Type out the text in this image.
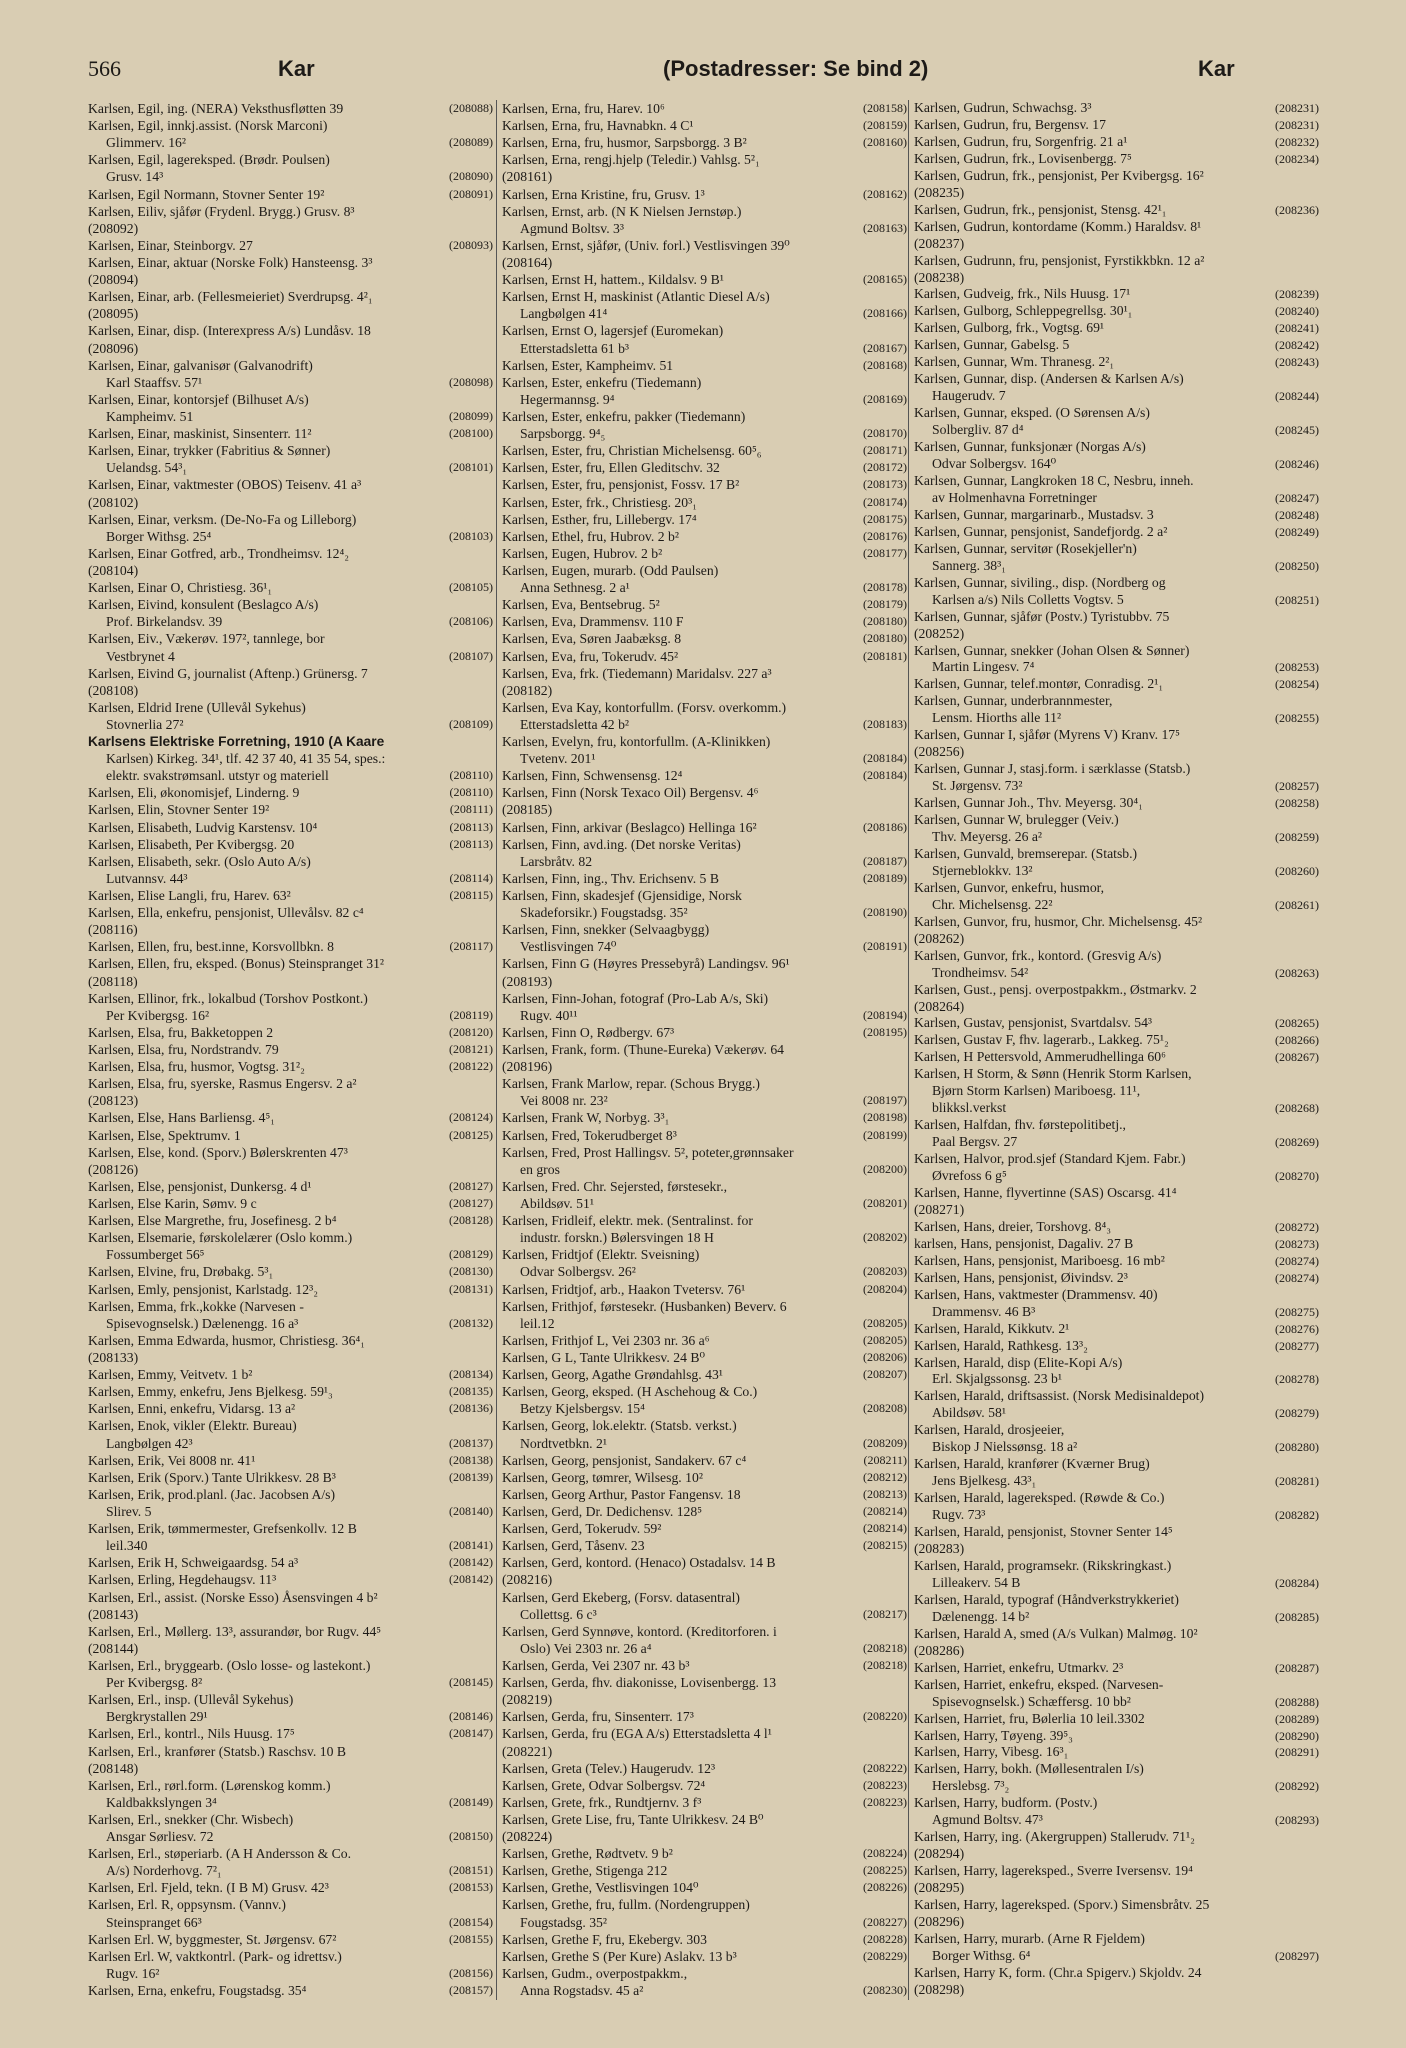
566	Kar	(Postadresser: Se bind 2)	Kar
Karlsen, Egil, ing. (NERA) Veksthusfløtten 39	(208088)
Karlsen, Egil, innkj.assist. (Norsk Marconi)
Glimmerv. 16²	(208089)
Karlsen, Egil, lagereksped. (Brødr. Poulsen)
Grusv. 14³	(208090)
Karlsen, Egil Normann, Stovner Senter 19²	(208091)
Karlsen, Eiliv, sjåfør (Frydenl. Brygg.) Grusv. 8³
(208092)
Karlsen, Einar, Steinborgv. 27	(208093)
Karlsen, Einar, aktuar (Norske Folk) Hansteensg. 3³
(208094)
Karlsen, Einar, arb. (Fellesmeieriet) Sverdrupsg. 4²₁
(208095)
Karlsen, Einar, disp. (Interexpress A/s) Lundåsv. 18
(208096)
Karlsen, Einar, galvanisør (Galvanodrift)
Karl Staaffsv. 57¹	(208098)
Karlsen, Einar, kontorsjef (Bilhuset A/s)
Kampheimv. 51	(208099)
Karlsen, Einar, maskinist, Sinsenterr. 11²	(208100)
Karlsen, Einar, trykker (Fabritius & Sønner)
Uelandsg. 54³₁	(208101)
Karlsen, Einar, vaktmester (OBOS) Teisenv. 41 a³
(208102)
Karlsen, Einar, verksm. (De-No-Fa og Lilleborg)
Borger Withsg. 25⁴	(208103)
Karlsen, Einar Gotfred, arb., Trondheimsv. 12⁴₂
(208104)
Karlsen, Einar O, Christiesg. 36¹₁	(208105)
Karlsen, Eivind, konsulent (Beslagco A/s)
Prof. Birkelandsv. 39	(208106)
Karlsen, Eiv., Vækerøv. 197², tannlege, bor
Vestbrynet 4	(208107)
Karlsen, Eivind G, journalist (Aftenp.) Grünersg. 7
(208108)
Karlsen, Eldrid Irene (Ullevål Sykehus)
Stovnerlia 27²	(208109)
Karlsens Elektriske Forretning, 1910 (A Kaare
Karlsen) Kirkeg. 34¹, tlf. 42 37 40, 41 35 54, spes.:
elektr. svakstrømsanl. utstyr og materiell	(208110)
Karlsen, Eli, økonomisjef, Linderng. 9	(208110)
Karlsen, Elin, Stovner Senter 19²	(208111)
Karlsen, Elisabeth, Ludvig Karstensv. 10⁴	(208113)
Karlsen, Elisabeth, Per Kvibergsg. 20	(208113)
Karlsen, Elisabeth, sekr. (Oslo Auto A/s)
Lutvannsv. 44³	(208114)
Karlsen, Elise Langli, fru, Harev. 63²	(208115)
Karlsen, Ella, enkefru, pensjonist, Ullevålsv. 82 c⁴
(208116)
Karlsen, Ellen, fru, best.inne, Korsvollbkn. 8	(208117)
Karlsen, Ellen, fru, eksped. (Bonus) Steinspranget 31²
(208118)
Karlsen, Ellinor, frk., lokalbud (Torshov Postkont.)
Per Kvibergsg. 16²	(208119)
Karlsen, Elsa, fru, Bakketoppen 2	(208120)
Karlsen, Elsa, fru, Nordstrandv. 79	(208121)
Karlsen, Elsa, fru, husmor, Vogtsg. 31²₂	(208122)
Karlsen, Elsa, fru, syerske, Rasmus Engersv. 2 a²
(208123)
Karlsen, Else, Hans Barliensg. 4⁵₁	(208124)
Karlsen, Else, Spektrumv. 1	(208125)
Karlsen, Else, kond. (Sporv.) Bølerskrenten 47³
(208126)
Karlsen, Else, pensjonist, Dunkersg. 4 d¹	(208127)
Karlsen, Else Karin, Sømv. 9 c	(208127)
Karlsen, Else Margrethe, fru, Josefinesg. 2 b⁴	(208128)
Karlsen, Elsemarie, førskolelærer (Oslo komm.)
Fossumberget 56⁵	(208129)
Karlsen, Elvine, fru, Drøbakg. 5³₁	(208130)
Karlsen, Emly, pensjonist, Karlstadg. 12³₂	(208131)
Karlsen, Emma, frk.,kokke (Narvesen -
Spisevognselsk.) Dælenengg. 16 a³	(208132)
Karlsen, Emma Edwarda, husmor, Christiesg. 36⁴₁
(208133)
Karlsen, Emmy, Veitvetv. 1 b²	(208134)
Karlsen, Emmy, enkefru, Jens Bjelkesg. 59¹₃	(208135)
Karlsen, Enni, enkefru, Vidarsg. 13 a²	(208136)
Karlsen, Enok, vikler (Elektr. Bureau)
Langbølgen 42³	(208137)
Karlsen, Erik, Vei 8008 nr. 41¹	(208138)
Karlsen, Erik (Sporv.) Tante Ulrikkesv. 28 B³	(208139)
Karlsen, Erik, prod.planl. (Jac. Jacobsen A/s)
Slirev. 5	(208140)
Karlsen, Erik, tømmermester, Grefsenkollv. 12 B
leil.340	(208141)
Karlsen, Erik H, Schweigaardsg. 54 a³	(208142)
Karlsen, Erling, Hegdehaugsv. 11³	(208142)
Karlsen, Erl., assist. (Norske Esso) Åsensvingen 4 b²
(208143)
Karlsen, Erl., Møllerg. 13³, assurandør, bor Rugv. 44⁵
(208144)
Karlsen, Erl., bryggearb. (Oslo losse- og lastekont.)
Per Kvibergsg. 8²	(208145)
Karlsen, Erl., insp. (Ullevål Sykehus)
Bergkrystallen 29¹	(208146)
Karlsen, Erl., kontrl., Nils Huusg. 17⁵	(208147)
Karlsen, Erl., kranfører (Statsb.) Raschsv. 10 B
(208148)
Karlsen, Erl., rørl.form. (Lørenskog komm.)
Kaldbakkslyngen 3⁴	(208149)
Karlsen, Erl., snekker (Chr. Wisbech)
Ansgar Sørliesv. 72	(208150)
Karlsen, Erl., støperiarb. (A H Andersson & Co.
A/s) Norderhovg. 7²₁	(208151)
Karlsen, Erl. Fjeld, tekn. (I B M) Grusv. 42³	(208153)
Karlsen, Erl. R, oppsynsm. (Vannv.)
Steinspranget 66³	(208154)
Karlsen Erl. W, byggmester, St. Jørgensv. 67²	(208155)
Karlsen Erl. W, vaktkontrl. (Park- og idrettsv.)
Rugv. 16²	(208156)
Karlsen, Erna, enkefru, Fougstadsg. 35⁴	(208157)
Karlsen, Erna, fru, Harev. 10⁶	(208158)
Karlsen, Erna, fru, Havnabkn. 4 C¹	(208159)
Karlsen, Erna, fru, husmor, Sarpsborgg. 3 B²	(208160)
Karlsen, Erna, rengj.hjelp (Teledir.) Vahlsg. 5²₁
(208161)
Karlsen, Erna Kristine, fru, Grusv. 1³	(208162)
Karlsen, Ernst, arb. (N K Nielsen Jernstøp.)
Agmund Boltsv. 3³	(208163)
Karlsen, Ernst, sjåfør, (Univ. forl.) Vestlisvingen 39⁰
(208164)
Karlsen, Ernst H, hattem., Kildalsv. 9 B¹	(208165)
Karlsen, Ernst H, maskinist (Atlantic Diesel A/s)
Langbølgen 41⁴	(208166)
Karlsen, Ernst O, lagersjef (Euromekan)
Etterstadsletta 61 b³	(208167)
Karlsen, Ester, Kampheimv. 51	(208168)
Karlsen, Ester, enkefru (Tiedemann)
Hegermannsg. 9⁴	(208169)
Karlsen, Ester, enkefru, pakker (Tiedemann)
Sarpsborgg. 9⁴₅	(208170)
Karlsen, Ester, fru, Christian Michelsensg. 60⁵₆	(208171)
Karlsen, Ester, fru, Ellen Gleditschv. 32	(208172)
Karlsen, Ester, fru, pensjonist, Fossv. 17 B²	(208173)
Karlsen, Ester, frk., Christiesg. 20³₁	(208174)
Karlsen, Esther, fru, Lillebergv. 17⁴	(208175)
Karlsen, Ethel, fru, Hubrov. 2 b²	(208176)
Karlsen, Eugen, Hubrov. 2 b²	(208177)
Karlsen, Eugen, murarb. (Odd Paulsen)
Anna Sethnesg. 2 a¹	(208178)
Karlsen, Eva, Bentsebrug. 5²	(208179)
Karlsen, Eva, Drammensv. 110 F	(208180)
Karlsen, Eva, Søren Jaabæksg. 8	(208180)
Karlsen, Eva, fru, Tokerudv. 45²	(208181)
Karlsen, Eva, frk. (Tiedemann) Maridalsv. 227 a³
(208182)
Karlsen, Eva Kay, kontorfullm. (Forsv. overkomm.)
Etterstadsletta 42 b²	(208183)
Karlsen, Evelyn, fru, kontorfullm. (A-Klinikken)
Tvetenv. 201¹	(208184)
Karlsen, Finn, Schwensensg. 12⁴	(208184)
Karlsen, Finn (Norsk Texaco Oil) Bergensv. 4⁶
(208185)
Karlsen, Finn, arkivar (Beslagco) Hellinga 16²	(208186)
Karlsen, Finn, avd.ing. (Det norske Veritas)
Larsbråtv. 82	(208187)
Karlsen, Finn, ing., Thv. Erichsenv. 5 B	(208189)
Karlsen, Finn, skadesjef (Gjensidige, Norsk
Skadeforsikr.) Fougstadsg. 35²	(208190)
Karlsen, Finn, snekker (Selvaagbygg)
Vestlisvingen 74⁰	(208191)
Karlsen, Finn G (Høyres Pressebyrå) Landingsv. 96¹
(208193)
Karlsen, Finn-Johan, fotograf (Pro-Lab A/s, Ski)
Rugv. 40¹¹	(208194)
Karlsen, Finn O, Rødbergv. 67³	(208195)
Karlsen, Frank, form. (Thune-Eureka) Vækerøv. 64
(208196)
Karlsen, Frank Marlow, repar. (Schous Brygg.)
Vei 8008 nr. 23²	(208197)
Karlsen, Frank W, Norbyg. 3³₁	(208198)
Karlsen, Fred, Tokerudberget 8³	(208199)
Karlsen, Fred, Prost Hallingsv. 5², poteter,grønnsaker
en gros	(208200)
Karlsen, Fred. Chr. Sejersted, førstesekr.,
Abildsøv. 51¹	(208201)
Karlsen, Fridleif, elektr. mek. (Sentralinst. for
industr. forskn.) Bølersvingen 18 H	(208202)
Karlsen, Fridtjof (Elektr. Sveisning)
Odvar Solbergsv. 26²	(208203)
Karlsen, Fridtjof, arb., Haakon Tvetersv. 76¹	(208204)
Karlsen, Frithjof, førstesekr. (Husbanken) Beverv. 6
leil.12	(208205)
Karlsen, Frithjof L, Vei 2303 nr. 36 a⁶	(208205)
Karlsen, G L, Tante Ulrikkesv. 24 B⁰	(208206)
Karlsen, Georg, Agathe Grøndahlsg. 43¹	(208207)
Karlsen, Georg, eksped. (H Aschehoug & Co.)
Betzy Kjelsbergsv. 15⁴	(208208)
Karlsen, Georg, lok.elektr. (Statsb. verkst.)
Nordtvetbkn. 2¹	(208209)
Karlsen, Georg, pensjonist, Sandakerv. 67 c⁴	(208211)
Karlsen, Georg, tømrer, Wilsesg. 10²	(208212)
Karlsen, Georg Arthur, Pastor Fangensv. 18	(208213)
Karlsen, Gerd, Dr. Dedichensv. 128⁵	(208214)
Karlsen, Gerd, Tokerudv. 59²	(208214)
Karlsen, Gerd, Tåsenv. 23	(208215)
Karlsen, Gerd, kontord. (Henaco) Ostadalsv. 14 B
(208216)
Karlsen, Gerd Ekeberg, (Forsv. datasentral)
Collettsg. 6 c³	(208217)
Karlsen, Gerd Synnøve, kontord. (Kreditorforen. i
Oslo) Vei 2303 nr. 26 a⁴	(208218)
Karlsen, Gerda, Vei 2307 nr. 43 b³	(208218)
Karlsen, Gerda, fhv. diakonisse, Lovisenbergg. 13
(208219)
Karlsen, Gerda, fru, Sinsenterr. 17³	(208220)
Karlsen, Gerda, fru (EGA A/s) Etterstadsletta 4 l¹
(208221)
Karlsen, Greta (Telev.) Haugerudv. 12³	(208222)
Karlsen, Grete, Odvar Solbergsv. 72⁴	(208223)
Karlsen, Grete, frk., Rundtjernv. 3 f³	(208223)
Karlsen, Grete Lise, fru, Tante Ulrikkesv. 24 B⁰
(208224)
Karlsen, Grethe, Rødtvetv. 9 b²	(208224)
Karlsen, Grethe, Stigenga 212	(208225)
Karlsen, Grethe, Vestlisvingen 104⁰	(208226)
Karlsen, Grethe, fru, fullm. (Nordengruppen)
Fougstadsg. 35²	(208227)
Karlsen, Grethe F, fru, Ekebergv. 303	(208228)
Karlsen, Grethe S (Per Kure) Aslakv. 13 b³	(208229)
Karlsen, Gudm., overpostpakkm.,
Anna Rogstadsv. 45 a²	(208230)
Karlsen, Gudrun, Schwachsg. 3³	(208231)
Karlsen, Gudrun, fru, Bergensv. 17	(208231)
Karlsen, Gudrun, fru, Sorgenfrig. 21 a¹	(208232)
Karlsen, Gudrun, frk., Lovisenbergg. 7⁵	(208234)
Karlsen, Gudrun, frk., pensjonist, Per Kvibergsg. 16²
(208235)
Karlsen, Gudrun, frk., pensjonist, Stensg. 42¹₁	(208236)
Karlsen, Gudrun, kontordame (Komm.) Haraldsv. 8¹
(208237)
Karlsen, Gudrunn, fru, pensjonist, Fyrstikkbkn. 12 a²
(208238)
Karlsen, Gudveig, frk., Nils Huusg. 17¹	(208239)
Karlsen, Gulborg, Schleppegrellsg. 30¹₁	(208240)
Karlsen, Gulborg, frk., Vogtsg. 69¹	(208241)
Karlsen, Gunnar, Gabelsg. 5	(208242)
Karlsen, Gunnar, Wm. Thranesg. 2²₁	(208243)
Karlsen, Gunnar, disp. (Andersen & Karlsen A/s)
Haugerudv. 7	(208244)
Karlsen, Gunnar, eksped. (O Sørensen A/s)
Solbergliv. 87 d⁴	(208245)
Karlsen, Gunnar, funksjonær (Norgas A/s)
Odvar Solbergsv. 164⁰	(208246)
Karlsen, Gunnar, Langkroken 18 C, Nesbru, inneh.
av Holmenhavna Forretninger	(208247)
Karlsen, Gunnar, margarinarb., Mustadsv. 3	(208248)
Karlsen, Gunnar, pensjonist, Sandefjordg. 2 a²	(208249)
Karlsen, Gunnar, servitør (Rosekjeller'n)
Sannerg. 38³₁	(208250)
Karlsen, Gunnar, siviling., disp. (Nordberg og
Karlsen a/s) Nils Colletts Vogtsv. 5	(208251)
Karlsen, Gunnar, sjåfør (Postv.) Tyristubbv. 75
(208252)
Karlsen, Gunnar, snekker (Johan Olsen & Sønner)
Martin Lingesv. 7⁴	(208253)
Karlsen, Gunnar, telef.montør, Conradisg. 2¹₁	(208254)
Karlsen, Gunnar, underbrannmester,
Lensm. Hiorths alle 11²	(208255)
Karlsen, Gunnar I, sjåfør (Myrens V) Kranv. 17⁵
(208256)
Karlsen, Gunnar J, stasj.form. i særklasse (Statsb.)
St. Jørgensv. 73²	(208257)
Karlsen, Gunnar Joh., Thv. Meyersg. 30⁴₁	(208258)
Karlsen, Gunnar W, brulegger (Veiv.)
Thv. Meyersg. 26 a²	(208259)
Karlsen, Gunvald, bremserepar. (Statsb.)
Stjerneblokkv. 13²	(208260)
Karlsen, Gunvor, enkefru, husmor,
Chr. Michelsensg. 22²	(208261)
Karlsen, Gunvor, fru, husmor, Chr. Michelsensg. 45²
(208262)
Karlsen, Gunvor, frk., kontord. (Gresvig A/s)
Trondheimsv. 54²	(208263)
Karlsen, Gust., pensj. overpostpakkm., Østmarkv. 2
(208264)
Karlsen, Gustav, pensjonist, Svartdalsv. 54³	(208265)
Karlsen, Gustav F, fhv. lagerarb., Lakkeg. 75¹₂	(208266)
Karlsen, H Pettersvold, Ammerudhellinga 60⁶	(208267)
Karlsen, H Storm, & Sønn (Henrik Storm Karlsen,
Bjørn Storm Karlsen) Mariboesg. 11¹,
blikksl.verkst	(208268)
Karlsen, Halfdan, fhv. førstepolitibetj.,
Paal Bergsv. 27	(208269)
Karlsen, Halvor, prod.sjef (Standard Kjem. Fabr.)
Øvrefoss 6 g⁵	(208270)
Karlsen, Hanne, flyvertinne (SAS) Oscarsg. 41⁴
(208271)
Karlsen, Hans, dreier, Torshovg. 8⁴₃	(208272)
karlsen, Hans, pensjonist, Dagaliv. 27 B	(208273)
Karlsen, Hans, pensjonist, Mariboesg. 16 mb²	(208274)
Karlsen, Hans, pensjonist, Øivindsv. 2³	(208274)
Karlsen, Hans, vaktmester (Drammensv. 40)
Drammensv. 46 B³	(208275)
Karlsen, Harald, Kikkutv. 2¹	(208276)
Karlsen, Harald, Rathkesg. 13³₂	(208277)
Karlsen, Harald, disp (Elite-Kopi A/s)
Erl. Skjalgssonsg. 23 b¹	(208278)
Karlsen, Harald, driftsassist. (Norsk Medisinaldepot)
Abildsøv. 58¹	(208279)
Karlsen, Harald, drosjeeier,
Biskop J Nielssønsg. 18 a²	(208280)
Karlsen, Harald, kranfører (Kværner Brug)
Jens Bjelkesg. 43³₁	(208281)
Karlsen, Harald, lagereksped. (Røwde & Co.)
Rugv. 73³	(208282)
Karlsen, Harald, pensjonist, Stovner Senter 14⁵
(208283)
Karlsen, Harald, programsekr. (Rikskringkast.)
Lilleakerv. 54 B	(208284)
Karlsen, Harald, typograf (Håndverkstrykkeriet)
Dælenengg. 14 b²	(208285)
Karlsen, Harald A, smed (A/s Vulkan) Malmøg. 10²
(208286)
Karlsen, Harriet, enkefru, Utmarkv. 2³	(208287)
Karlsen, Harriet, enkefru, eksped. (Narvesen-
Spisevognselsk.) Schæffersg. 10 bb²	(208288)
Karlsen, Harriet, fru, Bølerlia 10 leil.3302	(208289)
Karlsen, Harry, Tøyeng. 39⁵₃	(208290)
Karlsen, Harry, Vibesg. 16³₁	(208291)
Karlsen, Harry, bokh. (Møllesentralen I/s)
Herslebsg. 7³₂	(208292)
Karlsen, Harry, budform. (Postv.)
Agmund Boltsv. 47³	(208293)
Karlsen, Harry, ing. (Akergruppen) Stallerudv. 71¹₂
(208294)
Karlsen, Harry, lagereksped., Sverre Iversensv. 19⁴
(208295)
Karlsen, Harry, lagereksped. (Sporv.) Simensbråtv. 25
(208296)
Karlsen, Harry, murarb. (Arne R Fjeldem)
Borger Withsg. 6⁴	(208297)
Karlsen, Harry K, form. (Chr.a Spigerv.) Skjoldv. 24
(208298)
